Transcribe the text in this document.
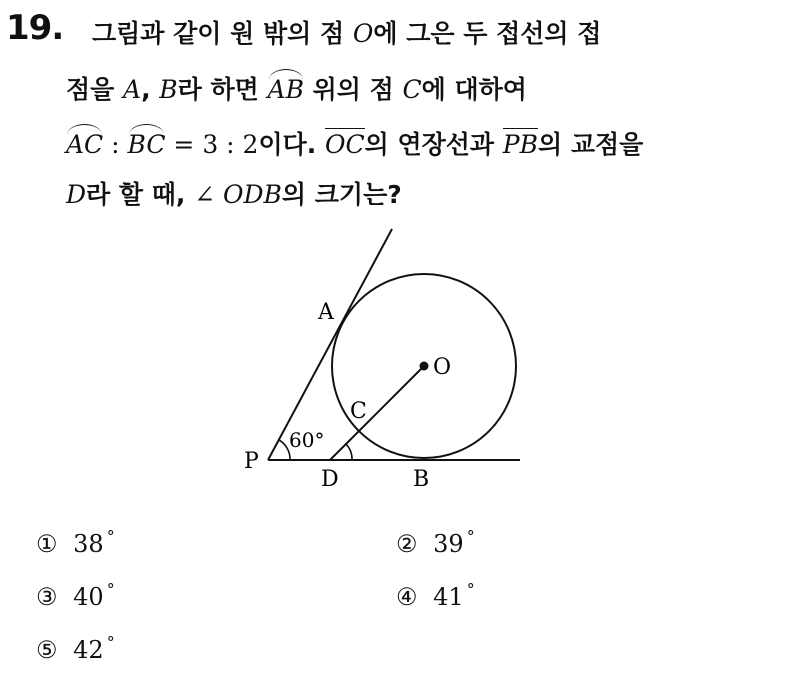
19. 그림과 같이 원 밖의 점 O에 그은 두 접선의 접
점을 A, B라 하면 AB 위의 점 C에 대하여
AC : BC = 3 : 2이다. OC의 연장선과 PB의 교점을
D라 할 때, ∠ ODB의 크기는?
A
O
C
P
D	B
60°
① 38 °	② 39 °
③ 40 °	④ 41 °
⑤ 42 °
